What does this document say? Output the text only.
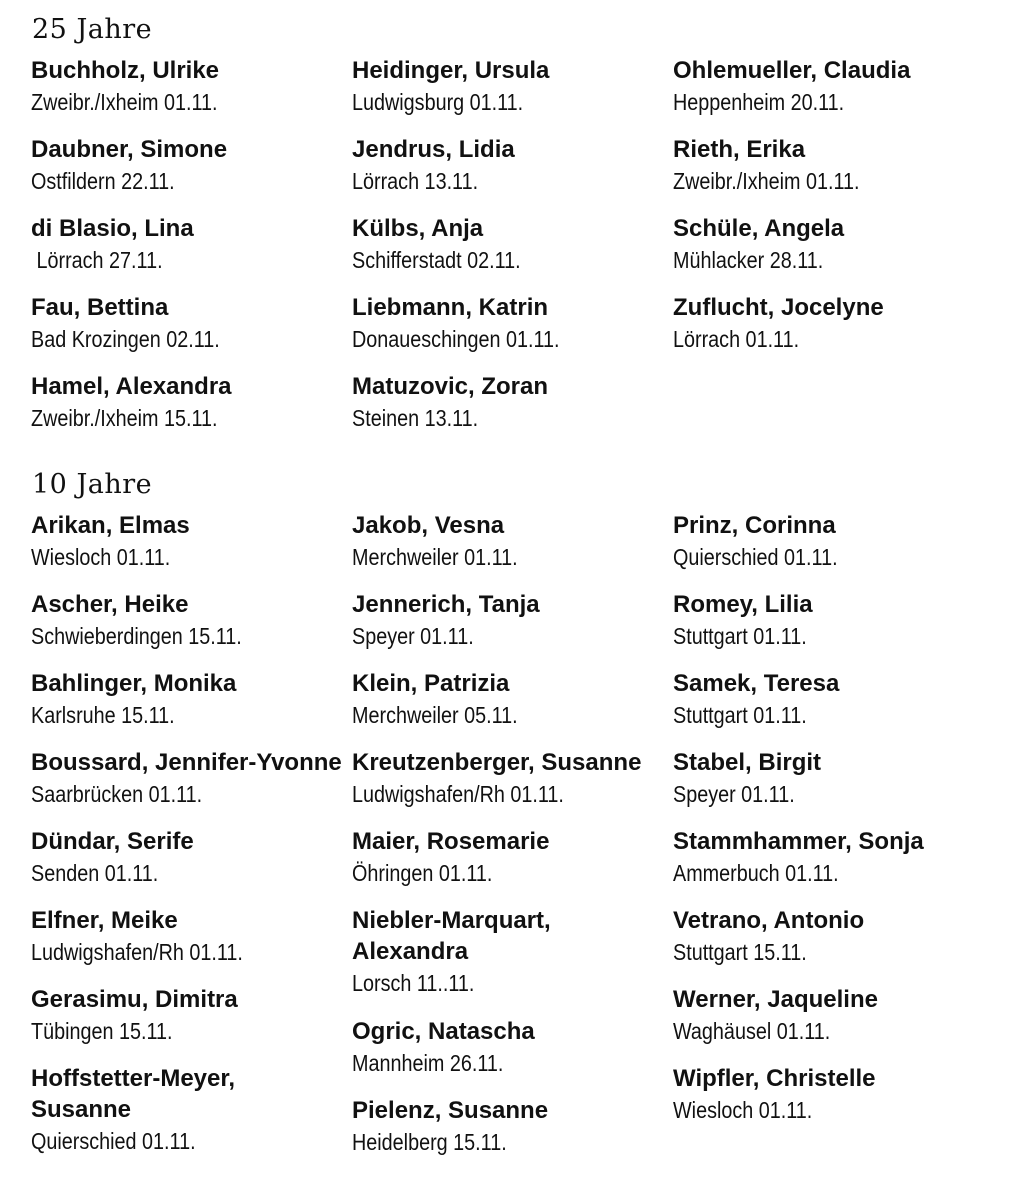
25 Jahre
Buchholz, Ulrike
Zweibr./Ixheim 01.11.
Daubner, Simone
Ostfildern 22.11.
di Blasio, Lina
Lörrach 27.11.
Fau, Bettina
Bad Krozingen 02.11.
Hamel, Alexandra
Zweibr./Ixheim 15.11.
Heidinger, Ursula
Ludwigsburg 01.11.
Jendrus, Lidia
Lörrach 13.11.
Külbs, Anja
Schifferstadt 02.11.
Liebmann, Katrin
Donaueschingen 01.11.
Matuzovic, Zoran
Steinen 13.11.
Ohlemueller, Claudia
Heppenheim 20.11.
Rieth, Erika
Zweibr./Ixheim 01.11.
Schüle, Angela
Mühlacker 28.11.
Zuflucht, Jocelyne
Lörrach 01.11.
10 Jahre
Arikan, Elmas
Wiesloch 01.11.
Ascher, Heike
Schwieberdingen 15.11.
Bahlinger, Monika
Karlsruhe 15.11.
Boussard, Jennifer-Yvonne
Saarbrücken 01.11.
Dündar, Serife
Senden 01.11.
Elfner, Meike
Ludwigshafen/Rh 01.11.
Gerasimu, Dimitra
Tübingen 15.11.
Hoffstetter-Meyer,
Susanne
Quierschied 01.11.
Jakob, Vesna
Merchweiler 01.11.
Jennerich, Tanja
Speyer 01.11.
Klein, Patrizia
Merchweiler 05.11.
Kreutzenberger, Susanne
Ludwigshafen/Rh 01.11.
Maier, Rosemarie
Öhringen 01.11.
Niebler-Marquart,
Alexandra
Lorsch 11..11.
Ogric, Natascha
Mannheim 26.11.
Pielenz, Susanne
Heidelberg 15.11.
Prinz, Corinna
Quierschied 01.11.
Romey, Lilia
Stuttgart 01.11.
Samek, Teresa
Stuttgart 01.11.
Stabel, Birgit
Speyer 01.11.
Stammhammer, Sonja
Ammerbuch 01.11.
Vetrano, Antonio
Stuttgart 15.11.
Werner, Jaqueline
Waghäusel 01.11.
Wipfler, Christelle
Wiesloch 01.11.
